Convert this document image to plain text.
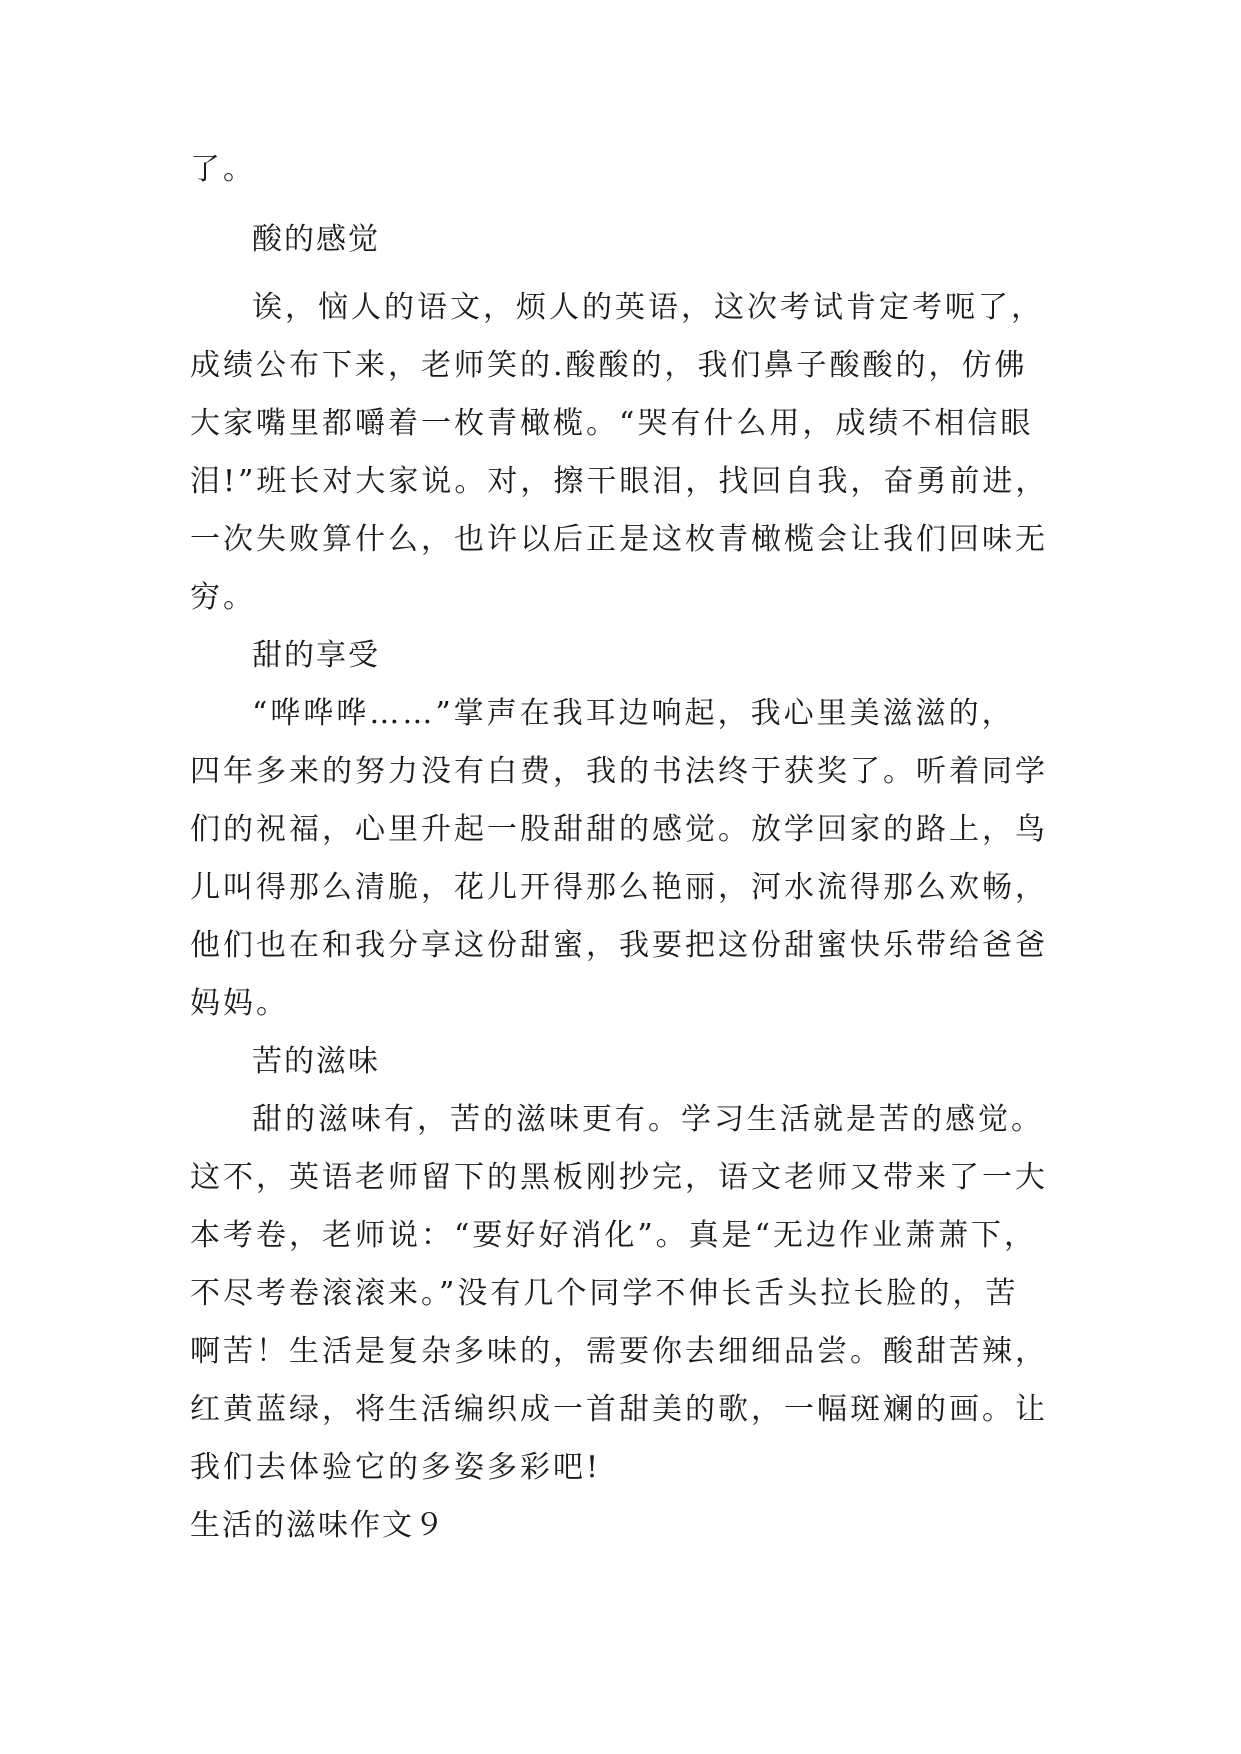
了。
酸的感觉
诶，恼人的语文，烦人的英语，这次考试肯定考呃了，
成绩公布下来，老师笑的.酸酸的，我们鼻子酸酸的，仿佛
大家嘴里都嚼着一枚青橄榄。“哭有什么用，成绩不相信眼
泪!”班长对大家说。对，擦干眼泪，找回自我，奋勇前进，
一次失败算什么，也许以后正是这枚青橄榄会让我们回味无
穷。
甜的享受
“哗哗哗……”掌声在我耳边响起，我心里美滋滋的，
四年多来的努力没有白费，我的书法终于获奖了。听着同学
们的祝福，心里升起一股甜甜的感觉。放学回家的路上，鸟
儿叫得那么清脆，花儿开得那么艳丽，河水流得那么欢畅，
他们也在和我分享这份甜蜜，我要把这份甜蜜快乐带给爸爸
妈妈。
苦的滋味
甜的滋味有，苦的滋味更有。学习生活就是苦的感觉。
这不，英语老师留下的黑板刚抄完，语文老师又带来了一大
本考卷，老师说：“要好好消化”。真是“无边作业萧萧下，
不尽考卷滚滚来。”没有几个同学不伸长舌头拉长脸的，苦
啊苦！生活是复杂多味的，需要你去细细品尝。酸甜苦辣，
红黄蓝绿，将生活编织成一首甜美的歌，一幅斑斓的画。让
我们去体验它的多姿多彩吧!
生活的滋味作文９
